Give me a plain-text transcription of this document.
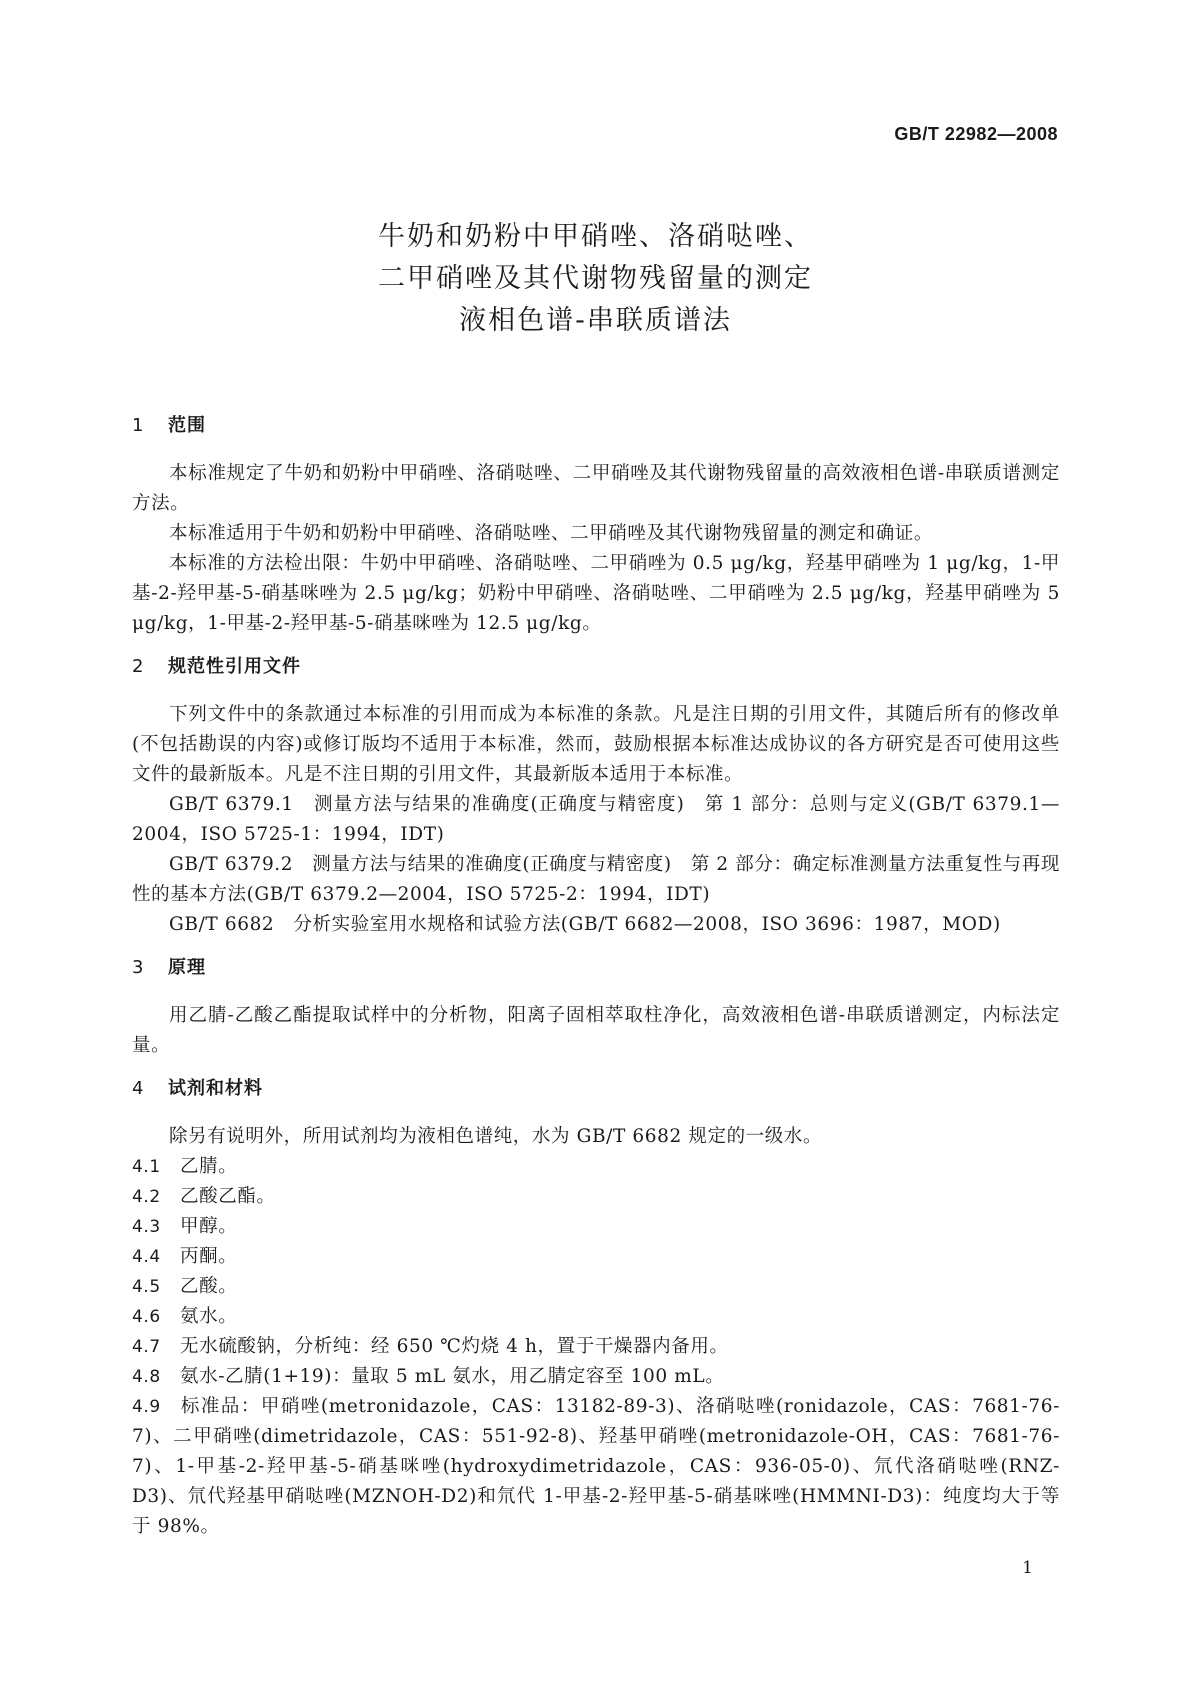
GB/T 22982—2008
牛奶和奶粉中甲硝唑、洛硝哒唑、
二甲硝唑及其代谢物残留量的测定
液相色谱-串联质谱法
1 范围

本标准规定了牛奶和奶粉中甲硝唑、洛硝哒唑、二甲硝唑及其代谢物残留量的高效液相色谱-串联质谱测定方法。

本标准适用于牛奶和奶粉中甲硝唑、洛硝哒唑、二甲硝唑及其代谢物残留量的测定和确证。

本标准的方法检出限：牛奶中甲硝唑、洛硝哒唑、二甲硝唑为 0.5 μg/kg，羟基甲硝唑为 1 μg/kg，1-甲基-2-羟甲基-5-硝基咪唑为 2.5 μg/kg；奶粉中甲硝唑、洛硝哒唑、二甲硝唑为 2.5 μg/kg，羟基甲硝唑为 5 μg/kg，1-甲基-2-羟甲基-5-硝基咪唑为 12.5 μg/kg。

2 规范性引用文件

下列文件中的条款通过本标准的引用而成为本标准的条款。凡是注日期的引用文件，其随后所有的修改单(不包括勘误的内容)或修订版均不适用于本标准，然而，鼓励根据本标准达成协议的各方研究是否可使用这些文件的最新版本。凡是不注日期的引用文件，其最新版本适用于本标准。

GB/T 6379.1　测量方法与结果的准确度(正确度与精密度)　第 1 部分：总则与定义(GB/T 6379.1—2004，ISO 5725-1：1994，IDT)

GB/T 6379.2　测量方法与结果的准确度(正确度与精密度)　第 2 部分：确定标准测量方法重复性与再现性的基本方法(GB/T 6379.2—2004，ISO 5725-2：1994，IDT)

GB/T 6682　分析实验室用水规格和试验方法(GB/T 6682—2008，ISO 3696：1987，MOD)

3 原理

用乙腈-乙酸乙酯提取试样中的分析物，阳离子固相萃取柱净化，高效液相色谱-串联质谱测定，内标法定量。

4 试剂和材料

除另有说明外，所用试剂均为液相色谱纯，水为 GB/T 6682 规定的一级水。

4.1 乙腈。

4.2 乙酸乙酯。

4.3 甲醇。

4.4 丙酮。

4.5 乙酸。

4.6 氨水。

4.7 无水硫酸钠，分析纯：经 650 ℃灼烧 4 h，置于干燥器内备用。

4.8 氨水-乙腈(1+19)：量取 5 mL 氨水，用乙腈定容至 100 mL。

4.9 标准品：甲硝唑(metronidazole，CAS：13182-89-3)、洛硝哒唑(ronidazole，CAS：7681-76-7)、二甲硝唑(dimetridazole，CAS：551-92-8)、羟基甲硝唑(metronidazole-OH，CAS：7681-76-7)、1-甲基-2-羟甲基-5-硝基咪唑(hydroxydimetridazole，CAS：936-05-0)、氘代洛硝哒唑(RNZ-D3)、氘代羟基甲硝哒唑(MZNOH-D2)和氘代 1-甲基-2-羟甲基-5-硝基咪唑(HMMNI-D3)：纯度均大于等于 98%。

1
